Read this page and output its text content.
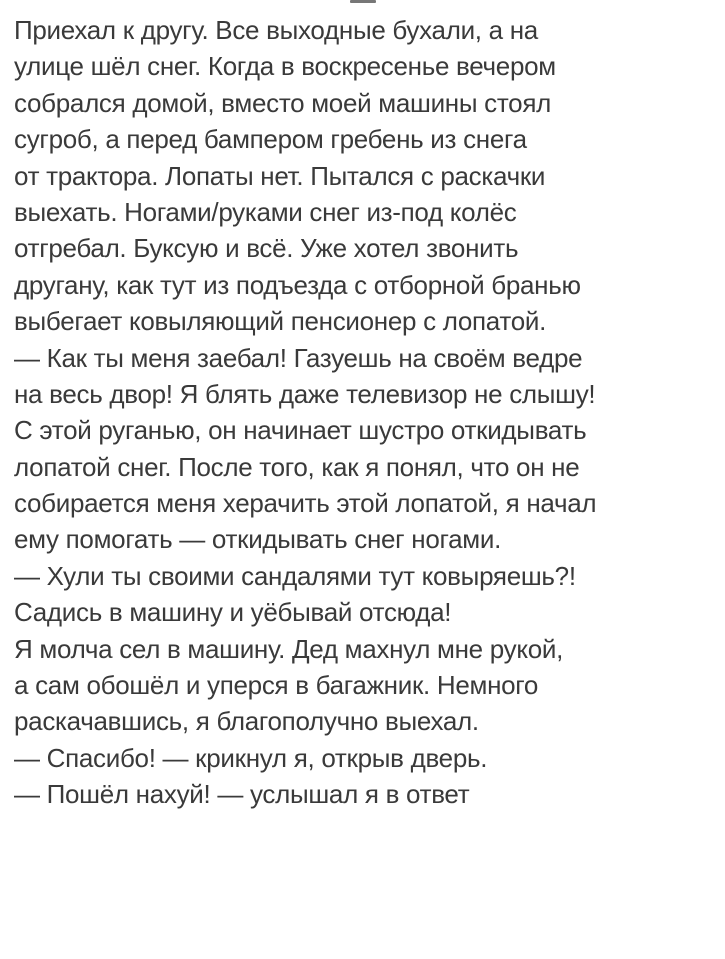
Приехал к другу. Все выходные бухали, а на
улице шёл снег. Когда в воскресенье вечером
собрался домой, вместо моей машины стоял
сугроб, а перед бампером гребень из снега
от трактора. Лопаты нет. Пытался с раскачки
выехать. Ногами/руками снег из-под колёс
отгребал. Буксую и всё. Уже хотел звонить
другану, как тут из подъезда с отборной бранью
выбегает ковыляющий пенсионер с лопатой.
— Как ты меня заебал! Газуешь на своём ведре
на весь двор! Я блять даже телевизор не слышу!
С этой руганью, он начинает шустро откидывать
лопатой снег. После того, как я понял, что он не
собирается меня херачить этой лопатой, я начал
ему помогать — откидывать снег ногами.
— Хули ты своими сандалями тут ковыряешь?!
Садись в машину и уёбывай отсюда!
Я молча сел в машину. Дед махнул мне рукой,
а сам обошёл и уперся в багажник. Немного
раскачавшись, я благополучно выехал.
— Спасибо! — крикнул я, открыв дверь.
— Пошёл нахуй! — услышал я в ответ
